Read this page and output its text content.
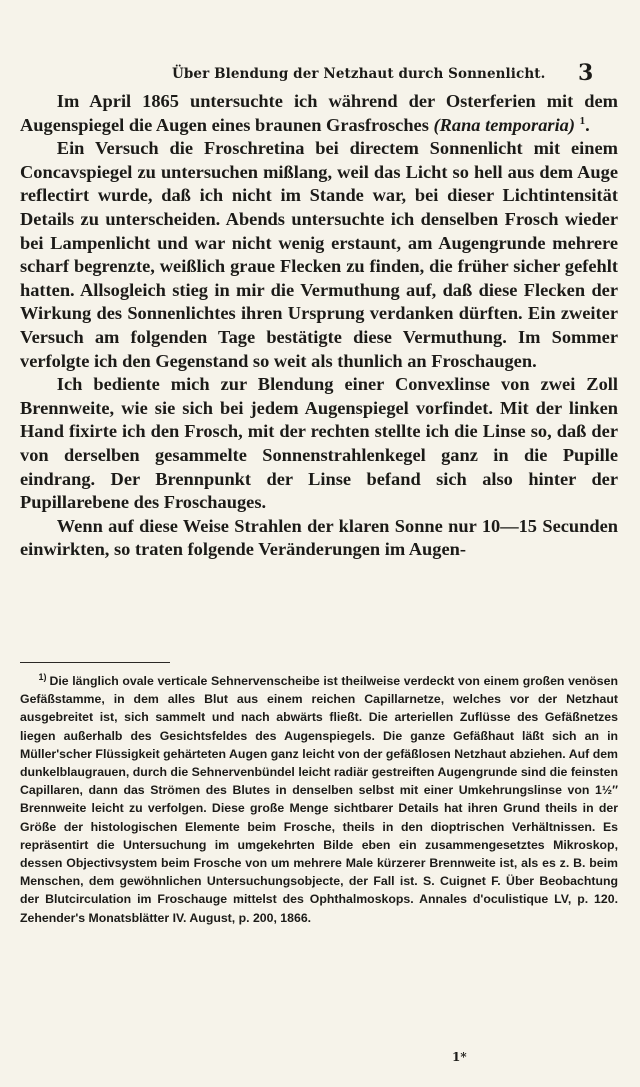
Über Blendung der Netzhaut durch Sonnenlicht. 3

Im April 1865 untersuchte ich während der Osterferien mit dem Augenspiegel die Augen eines braunen Grasfrosches (Rana temporaria) $^1$.

Ein Versuch die Froschretina bei directem Sonnenlicht mit einem Concavspiegel zu untersuchen mißlang, weil das Licht so hell aus dem Auge reflectirt wurde, daß ich nicht im Stande war, bei dieser Lichtintensität Details zu unterscheiden. Abends untersuchte ich denselben Frosch wieder bei Lampenlicht und war nicht wenig erstaunt, am Augengrunde mehrere scharf begrenzte, weißlich graue Flecken zu finden, die früher sicher gefehlt hatten. Allsogleich stieg in mir die Vermuthung auf, daß diese Flecken der Wirkung des Sonnenlichtes ihren Ursprung verdanken dürften. Ein zweiter Versuch am folgenden Tage bestätigte diese Vermuthung. Im Sommer verfolgte ich den Gegenstand so weit als thunlich an Froschaugen.

Ich bediente mich zur Blendung einer Convexlinse von zwei Zoll Brennweite, wie sie sich bei jedem Augenspiegel vorfindet. Mit der linken Hand fixirte ich den Frosch, mit der rechten stellte ich die Linse so, daß der von derselben gesammelte Sonnenstrahlenkegel ganz in die Pupille eindrang. Der Brennpunkt der Linse befand sich also hinter der Pupillarebene des Froschauges.

Wenn auf diese Weise Strahlen der klaren Sonne nur 10—15 Secunden einwirkten, so traten folgende Veränderungen im Augen-

$^{1)}$ Die länglich ovale verticale Sehnervenscheibe ist theilweise verdeckt von einem großen venösen Gefäßstamme, in dem alles Blut aus einem reichen Capillarnetze, welches vor der Netzhaut ausgebreitet ist, sich sammelt und nach abwärts fließt. Die arteriellen Zuflüsse des Gefäßnetzes liegen außerhalb des Gesichtsfeldes des Augenspiegels. Die ganze Gefäßhaut läßt sich an in Müller'scher Flüssigkeit gehärteten Augen ganz leicht von der gefäßlosen Netzhaut abziehen. Auf dem dunkelblaugrauen, durch die Sehnervenbündel leicht radiär gestreiften Augengrunde sind die feinsten Capillaren, dann das Strömen des Blutes in denselben selbst mit einer Umkehrungslinse von 1½″ Brennweite leicht zu verfolgen. Diese große Menge sichtbarer Details hat ihren Grund theils in der Größe der histologischen Elemente beim Frosche, theils in den dioptrischen Verhältnissen. Es repräsentirt die Untersuchung im umgekehrten Bilde eben ein zusammengesetztes Mikroskop, dessen Objectivsystem beim Frosche von um mehrere Male kürzerer Brennweite ist, als es z. B. beim Menschen, dem gewöhnlichen Untersuchungsobjecte, der Fall ist. S. Cuignet F. Über Beobachtung der Blutcirculation im Froschauge mittelst des Ophthalmoskops. Annales d'oculistique LV, p. 120. Zehender's Monatsblätter IV. August, p. 200, 1866.

1*
